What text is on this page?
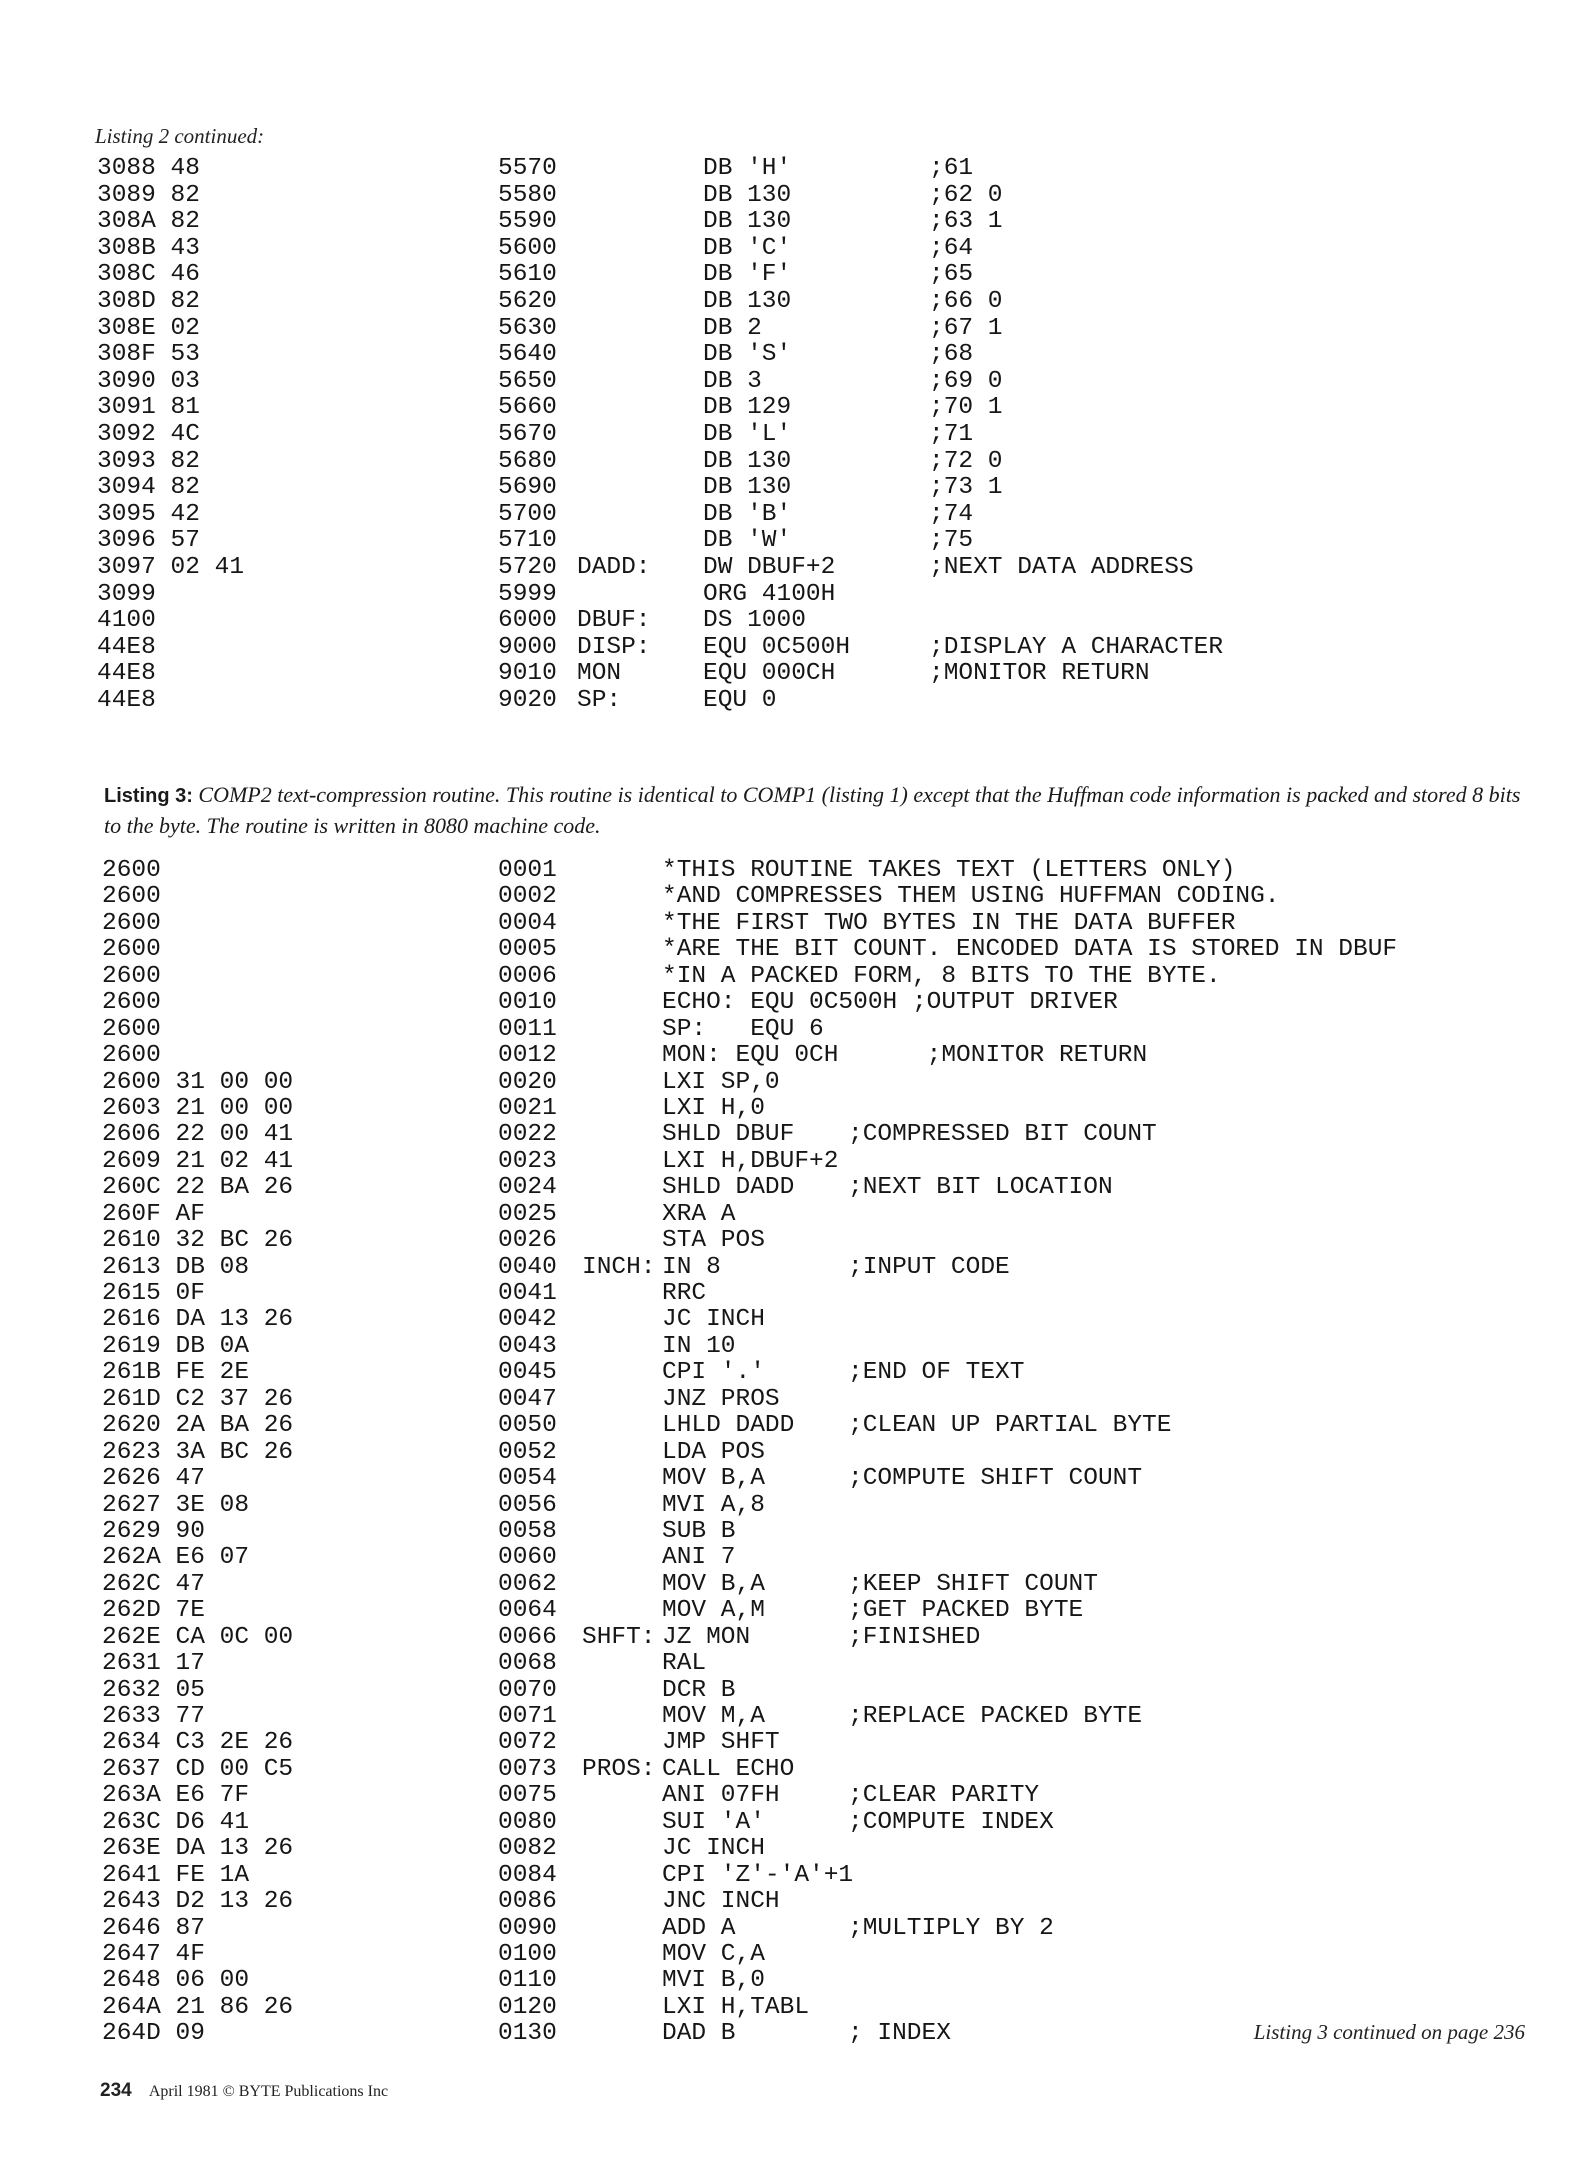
Listing 2 continued:
3088 48	5570	DB 'H'	;61
3089 82	5580	DB 130	;62 0
308A 82	5590	DB 130	;63 1
308B 43	5600	DB 'C'	;64
308C 46	5610	DB 'F'	;65
308D 82	5620	DB 130	;66 0
308E 02	5630	DB 2	;67 1
308F 53	5640	DB 'S'	;68
3090 03	5650	DB 3	;69 0
3091 81	5660	DB 129	;70 1
3092 4C	5670	DB 'L'	;71
3093 82	5680	DB 130	;72 0
3094 82	5690	DB 130	;73 1
3095 42	5700	DB 'B'	;74
3096 57	5710	DB 'W'	;75
3097 02 41	5720 DADD: DW DBUF+2	;NEXT DATA ADDRESS
3099	5999	ORG 4100H
4100	6000 DBUF: DS 1000
44E8	9000 DISP: EQU 0C500H	;DISPLAY A CHARACTER
44E8	9010 MON	EQU 000CH	;MONITOR RETURN
44E8	9020 SP:	EQU 0
Listing 3: COMP2 text-compression routine. This routine is identical to COMP1 (listing 1) except that the Huffman code information is packed and stored 8 bits to the byte. The routine is written in 8080 machine code.
2600	0001	*THIS ROUTINE TAKES TEXT (LETTERS ONLY)
2600	0002	*AND COMPRESSES THEM USING HUFFMAN CODING.
2600	0004	*THE FIRST TWO BYTES IN THE DATA BUFFER
2600	0005	*ARE THE BIT COUNT. ENCODED DATA IS STORED IN DBUF
2600	0006	*IN A PACKED FORM, 8 BITS TO THE BYTE.
2600	0010	ECHO: EQU 0C500H ;OUTPUT DRIVER
2600	0011	SP:   EQU 6
2600	0012	MON: EQU 0CH      ;MONITOR RETURN
2600 31 00 00	0020	LXI SP,0
2603 21 00 00	0021	LXI H,0
2606 22 00 41	0022	SHLD DBUF ;COMPRESSED BIT COUNT
2609 21 02 41	0023	LXI H,DBUF+2
260C 22 BA 26	0024	SHLD DADD ;NEXT BIT LOCATION
260F AF	0025	XRA A
2610 32 BC 26	0026	STA POS
2613 DB 08	0040 INCH: IN 8	;INPUT CODE
2615 0F	0041	RRC
2616 DA 13 26	0042	JC INCH
2619 DB 0A	0043	IN 10
261B FE 2E	0045	CPI '.'	;END OF TEXT
261D C2 37 26	0047	JNZ PROS
2620 2A BA 26	0050	LHLD DADD ;CLEAN UP PARTIAL BYTE
2623 3A BC 26	0052	LDA POS
2626 47	0054	MOV B,A	;COMPUTE SHIFT COUNT
2627 3E 08	0056	MVI A,8
2629 90	0058	SUB B
262A E6 07	0060	ANI 7
262C 47	0062	MOV B,A	;KEEP SHIFT COUNT
262D 7E	0064	MOV A,M	;GET PACKED BYTE
262E CA 0C 00	0066 SHFT: JZ MON	;FINISHED
2631 17	0068	RAL
2632 05	0070	DCR B
2633 77	0071	MOV M,A	;REPLACE PACKED BYTE
2634 C3 2E 26	0072	JMP SHFT
2637 CD 00 C5	0073 PROS: CALL ECHO
263A E6 7F	0075	ANI 07FH	;CLEAR PARITY
263C D6 41	0080	SUI 'A'	;COMPUTE INDEX
263E DA 13 26	0082	JC INCH
2641 FE 1A	0084	CPI 'Z'-'A'+1
2643 D2 13 26	0086	JNC INCH
2646 87	0090	ADD A	;MULTIPLY BY 2
2647 4F	0100	MOV C,A
2648 06 00	0110	MVI B,0
264A 21 86 26	0120	LXI H,TABL
264D 09	0130	DAD B	; INDEX	Listing 3 continued on page 236
234 April 1981 © BYTE Publications Inc
